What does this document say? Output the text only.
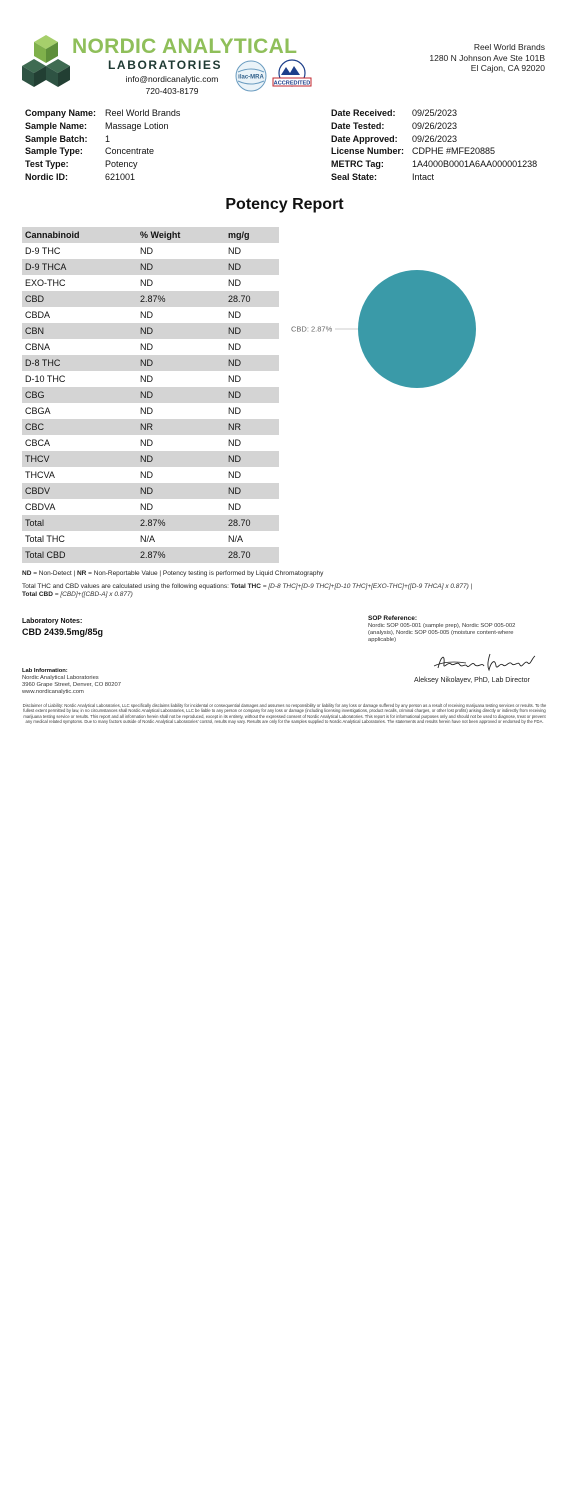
NORDIC ANALYTICAL
LABORATORIES
info@nordicanalytic.com
720-403-8179
ilac-MRA
ACCREDITED
Reel World Brands
1280 N Johnson Ave Ste 101B
El Cajon, CA 92020
Company Name: Reel World Brands
Sample Name:	Massage Lotion
Sample Batch:	1
Sample Type:	Concentrate
Test Type:	Potency
Nordic ID:	621001
Date Received:	09/25/2023
Date Tested:	09/26/2023
Date Approved:	09/26/2023
License Number: CDPHE #MFE20885
METRC Tag:	1A4000B0001A6AA000001238
Seal State:	Intact
Potency Report
Cannabinoid	% Weight	mg/g
D-9 THC	ND	ND
D-9 THCA	ND	ND
EXO-THC	ND	ND
CBD	2.87%	28.70
CBDA	ND	ND
CBN	ND	ND
CBNA	ND	ND
D-8 THC	ND	ND
D-10 THC	ND	ND
CBG	ND	ND
CBGA	ND	ND
CBC	NR	NR
CBCA	ND	ND
THCV	ND	ND
THCVA	ND	ND
CBDV	ND	ND
CBDVA	ND	ND
Total	2.87%	28.70
Total THC	N/A	N/A
Total CBD	2.87%	28.70
CBD: 2.87%
ND = Non-Detect | NR = Non-Reportable Value | Potency testing is performed by Liquid Chromatography
Total THC and CBD values are calculated using the following equations: Total THC = [D-8 THC]+[D-9 THC]+[D-10 THC]+[EXO-THC]+([D-9 THCA] x 0.877) |
Total CBD = [CBD]+([CBD-A] x 0.877)
Laboratory Notes:
CBD 2439.5mg/85g
SOP Reference:
Nordic SOP 005-001 (sample prep), Nordic SOP 005-002 (analysis), Nordic SOP 005-005 (moisture content-where applicable)
Lab Information:
Nordic Analytical Laboratories
3960 Grape Street, Denver, CO 80207
www.nordicanalytic.com
Aleksey Nikolayev, PhD, Lab Director
Disclaimer of Liability: Nordic Analytical Laboratories, LLC specifically disclaims liability for incidental or consequential damages and assumes no responsibility or liability for any loss or damage suffered by any person as a result of receiving marijuana testing services or results. To the fullest extent permitted by law, in no circumstances shall Nordic Analytical Laboratories, LLC be liable to any person or company for any loss or damage (including licensing investigations, product recalls, criminal charges, or other lost profits) arising directly or indirectly from receiving marijuana testing service or results. This report and all information herein shall not be reproduced, except in its entirety, without the expressed consent of Nordic Analytical Laboratories. This report is for informational purposes only and should not be used to diagnose, treat or prevent any medical related symptoms. Due to many factors outside of Nordic Analytical Laboratories' control, results may vary. Results are only for the samples supplied to Nordic Analytical Laboratories. The statements and results herein have not been approved or endorsed by the FDA.
